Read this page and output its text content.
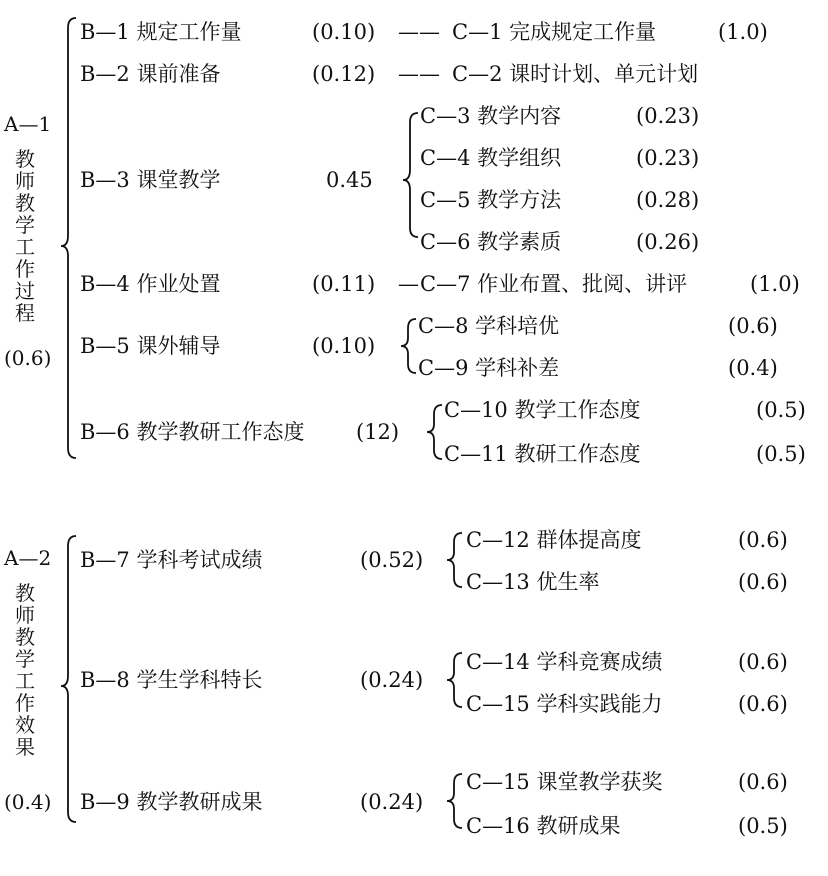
A—1
教
师
教
学
工
作
过
程
(0.6)
B—1 规定工作量	(0.10) —— C—1 完成规定工作量	(1.0)
B—2 课前准备	(0.12) —— C—2 课时计划、单元计划
B—3 课堂教学	0.45
C—3 教学内容	(0.23)
C—4 教学组织	(0.23)
C—5 教学方法	(0.28)
C—6 教学素质	(0.26)
B—4 作业处置	(0.11) — C—7 作业布置、批阅、讲评	(1.0)
B—5 课外辅导	(0.10)
C—8 学科培优	(0.6)
C—9 学科补差	(0.4)
B—6 教学教研工作态度 (12)
C—10 教学工作态度	(0.5)
C—11 教研工作态度	(0.5)
A—2
教
师
教
学
工
作
效
果
(0.4)
B—7 学科考试成绩	(0.52)
C—12 群体提高度	(0.6)
C—13 优生率	(0.6)
B—8 学生学科特长	(0.24)
C—14 学科竞赛成绩	(0.6)
C—15 学科实践能力	(0.6)
B—9 教学教研成果	(0.24)
C—15 课堂教学获奖	(0.6)
C—16 教研成果	(0.5)
